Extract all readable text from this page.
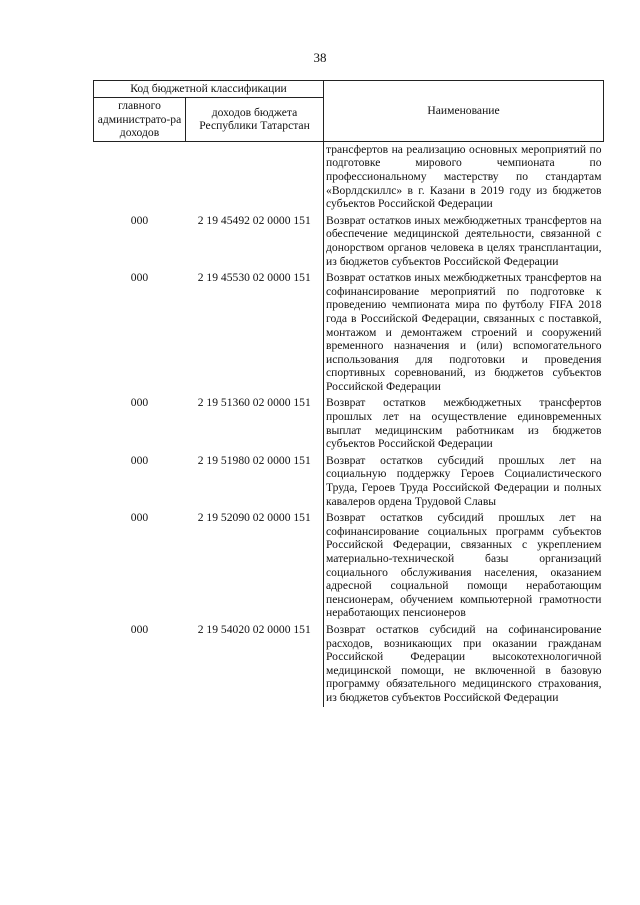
38
Код бюджетной классификации		Наименование
главного администрато-ра доходов	доходов бюджета Республики Татарстан	
		трансфертов на реализацию основных мероприятий по подготовке мирового чемпионата по профессиональному мастерству по стандартам «Ворлдскиллс» в г. Казани в 2019 году из бюджетов субъектов Российской Федерации
000	2 19 45492 02 0000 151	Возврат остатков иных межбюджетных трансфертов на обеспечение медицинской деятельности, связанной с донорством органов человека в целях трансплантации, из бюджетов субъектов Российской Федерации
000	2 19 45530 02 0000 151	Возврат остатков иных межбюджетных трансфертов на софинансирование мероприятий по подготовке к проведению чемпионата мира по футболу FIFA 2018 года в Российской Федерации, связанных с поставкой, монтажом и демонтажем строений и сооружений временного назначения и (или) вспомогательного использования для подготовки и проведения спортивных соревнований, из бюджетов субъектов Российской Федерации
000	2 19 51360 02 0000 151	Возврат остатков межбюджетных трансфертов прошлых лет на осуществление единовременных выплат медицинским работникам из бюджетов субъектов Российской Федерации
000	2 19 51980 02 0000 151	Возврат остатков субсидий прошлых лет на социальную поддержку Героев Социалистического Труда, Героев Труда Российской Федерации и полных кавалеров ордена Трудовой Славы
000	2 19 52090 02 0000 151	Возврат остатков субсидий прошлых лет на софинансирование социальных программ субъектов Российской Федерации, связанных с укреплением материально-технической базы организаций социального обслуживания населения, оказанием адресной социальной помощи неработающим пенсионерам, обучением компьютерной грамотности неработающих пенсионеров
000	2 19 54020 02 0000 151	Возврат остатков субсидий на софинансирование расходов, возникающих при оказании гражданам Российской Федерации высокотехнологичной медицинской помощи, не включенной в базовую программу обязательного медицинского страхования, из бюджетов субъектов Российской Федерации
